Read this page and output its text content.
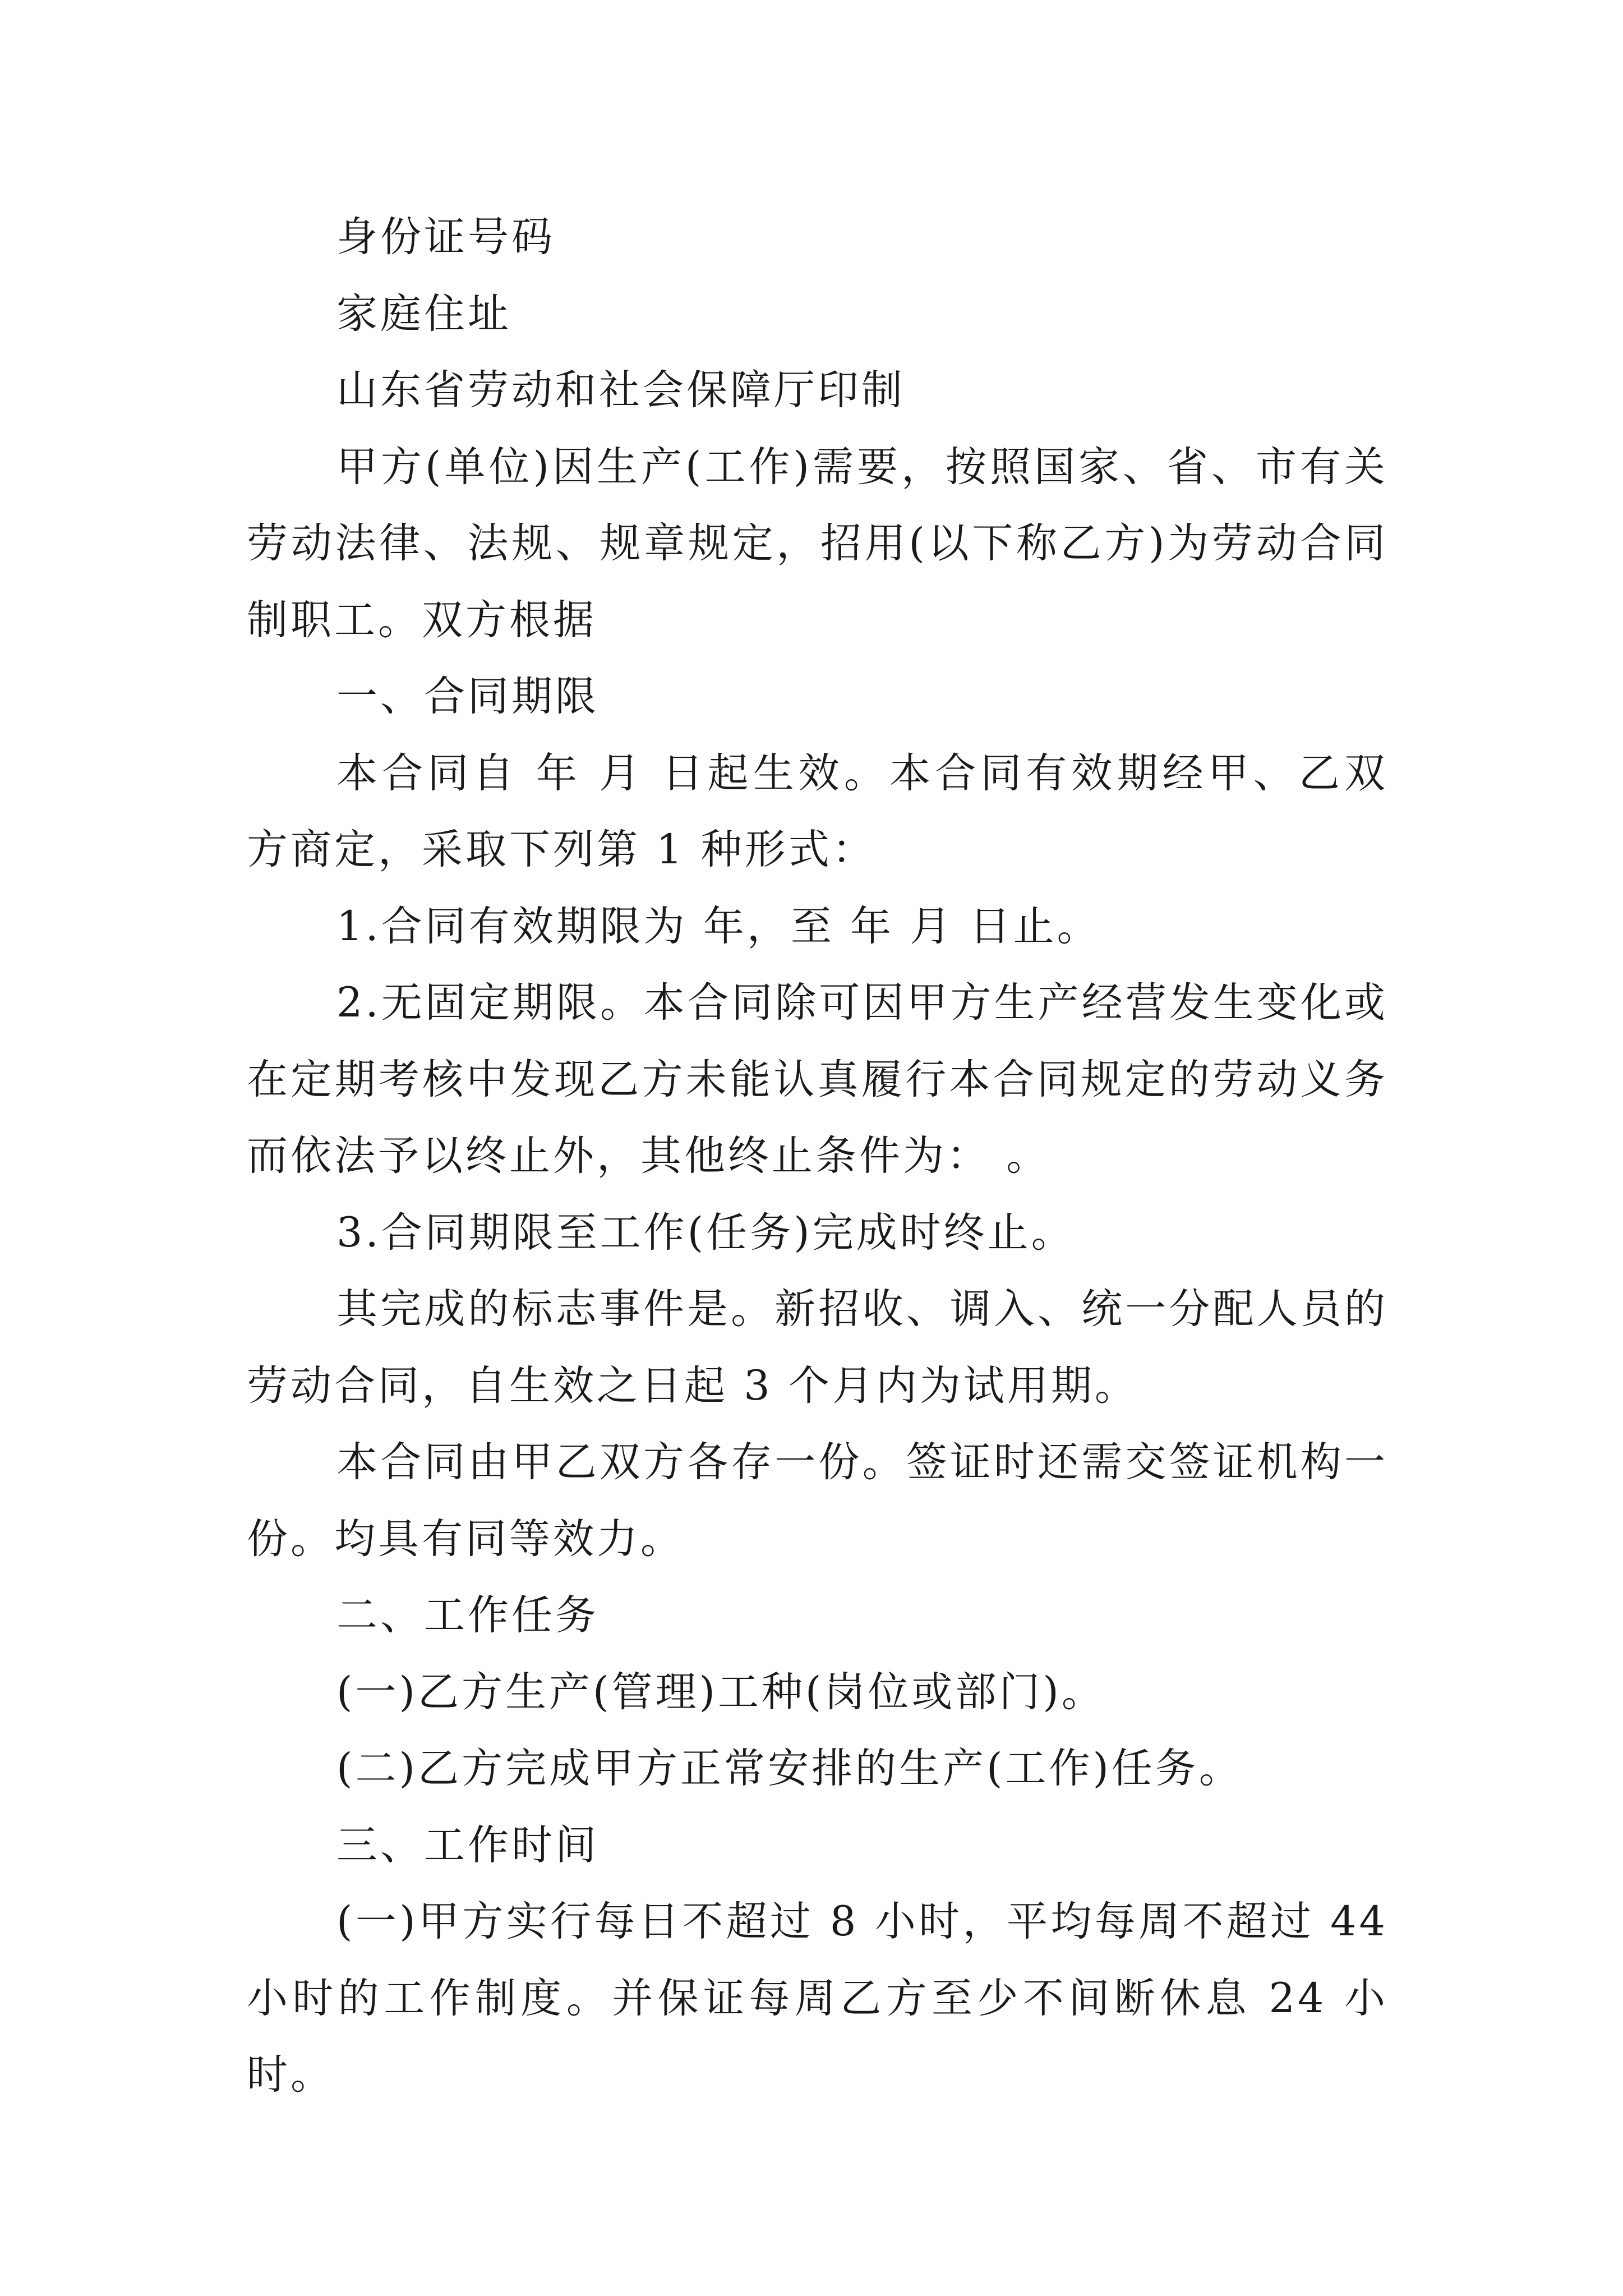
身份证号码

家庭住址

山东省劳动和社会保障厅印制

甲方(单位)因生产(工作)需要，按照国家、省、市有关劳动法律、法规、规章规定，招用(以下称乙方)为劳动合同制职工。双方根据

一、合同期限

本合同自 年 月 日起生效。本合同有效期经甲、乙双方商定，采取下列第 1 种形式：

1.合同有效期限为 年，至 年 月 日止。

2.无固定期限。本合同除可因甲方生产经营发生变化或在定期考核中发现乙方未能认真履行本合同规定的劳动义务而依法予以终止外，其他终止条件为： 。

3.合同期限至工作(任务)完成时终止。

其完成的标志事件是。新招收、调入、统一分配人员的劳动合同，自生效之日起 3 个月内为试用期。

本合同由甲乙双方各存一份。签证时还需交签证机构一份。均具有同等效力。

二、工作任务

(一)乙方生产(管理)工种(岗位或部门)。

(二)乙方完成甲方正常安排的生产(工作)任务。

三、工作时间

(一)甲方实行每日不超过 8 小时，平均每周不超过 44 小时的工作制度。并保证每周乙方至少不间断休息 24 小时。
